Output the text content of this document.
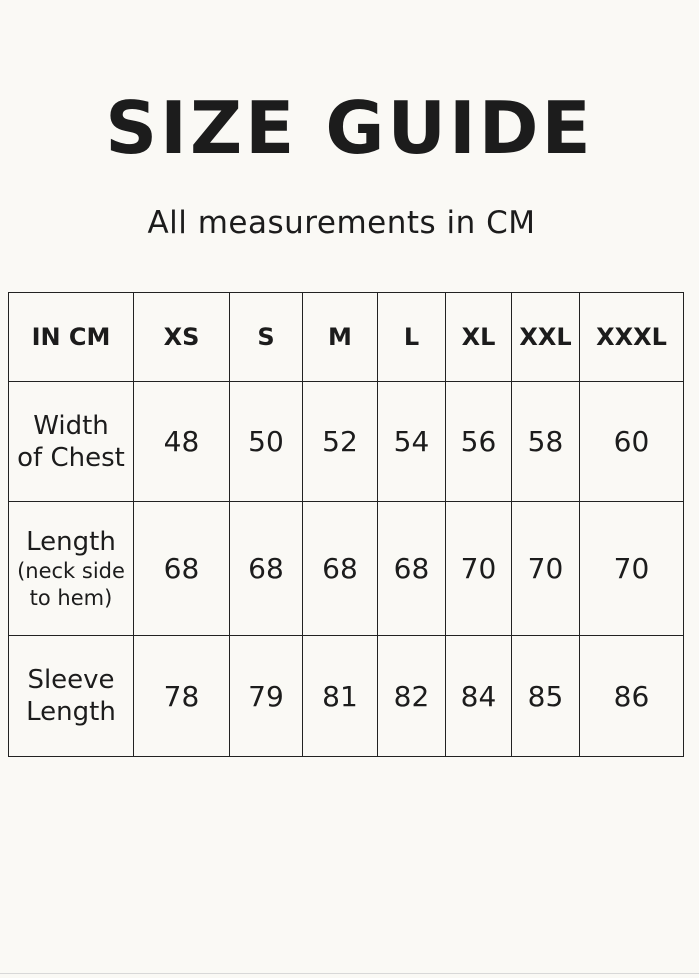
SIZE GUIDE
All measurements in CM
IN CM	XS	S	M	L	XL	XXL	XXXL

Width
of Chest	48	50	52	54	56	58	60

Length
(neck side
to hem)	68	68	68	68	70	70	70

Sleeve
Length	78	79	81	82	84	85	86
